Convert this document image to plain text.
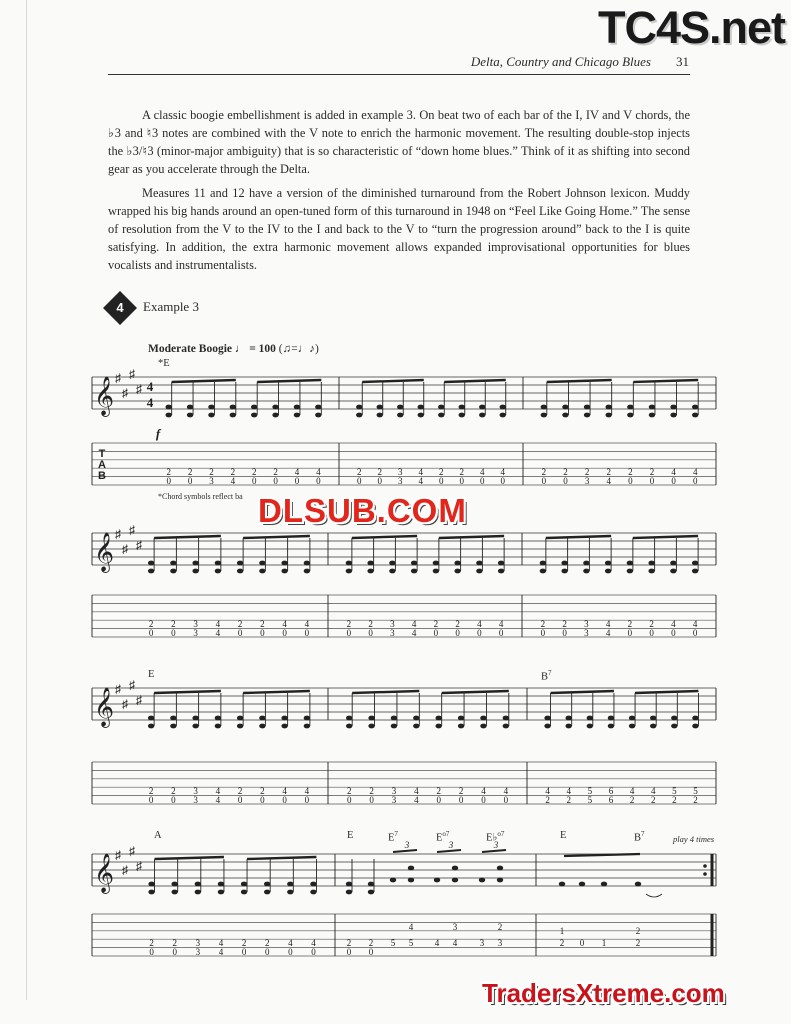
Delta, Country and Chicago Blues 31

A classic boogie embellishment is added in example 3. On beat two of each bar of the I, IV and V chords, the ♭3 and ♮3 notes are combined with the V note to enrich the harmonic movement. The resulting double-stop injects the ♭3/♮3 (minor-major ambiguity) that is so characteristic of “down home blues.” Think of it as shifting into second gear as you accelerate through the Delta.

Measures 11 and 12 have a version of the diminished turnaround from the Robert Johnson lexicon. Muddy wrapped his big hands around an open-tuned form of this turnaround in 1948 on “Feel Like Going Home.” The sense of resolution from the V to the IV to the I and back to the V to “turn the progression around” back to the I is quite satisfying. In addition, the extra harmonic movement allows expanded improvisational opportunities for blues vocalists and instrumentalists.

4	Example 3
Moderate Boogie ♩ = 100 (♫=♩♪)
*E
*Chord symbols reflect ba
E	$B^7$
A	E	$E^7$	$E^{o7}$	E♭$^{o7}$	E	$B^7$	play 4 times
𝄞 ♯
♯
♯
♯ 4
4
T
A
B
f
𝄞 ♯
♯
♯
♯
𝄞 ♯
♯
♯
♯
𝄞 ♯
♯
♯
♯
2
0
2
0
2
3
2
4
2
0
2
0
4
0
4
0
2
0
2
0
3
3
4
4
2
0
2
0
4
0
4
0
2
0
2
0
2
3
2
4
2
0
2
0
4
0
4
0
2
0
2
0
3
3
4
4
2
0
2
0
4
0
4
0
2
0
2
0
3
3
4
4
2
0
2
0
4
0
4
0
2
0
2
0
3
3
4
4
2
0
2
0
4
0
4
0
2
0
2
0
3
3
4
4
2
0
2
0
4
0
4
0
2
0
2
0
3
3
4
4
2
0
2
0
4
0
4
0
4
2
4
2
5
5
6
6
4
2
4
2
5
2
5
2
2
0
2
0
3
3
4
4
2
0
2
0
4
0
4
0
2
0
2
0
5 5 4 4	3 3
4
3
3
3
2
3
2 0 1	2
1	2
TC4S.net
DLSUB.COM
TradersXtreme.com
